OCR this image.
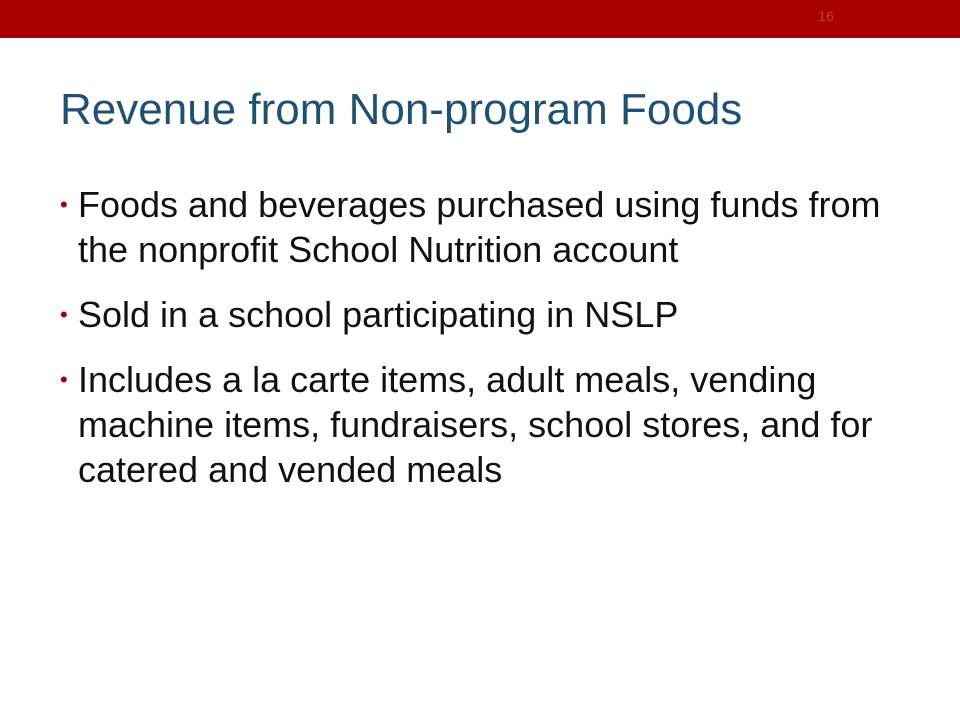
16
Revenue from Non-program Foods
• Foods and beverages purchased using funds from the nonprofit School Nutrition account
• Sold in a school participating in NSLP
• Includes a la carte items, adult meals, vending machine items, fundraisers, school stores, and for catered and vended meals
